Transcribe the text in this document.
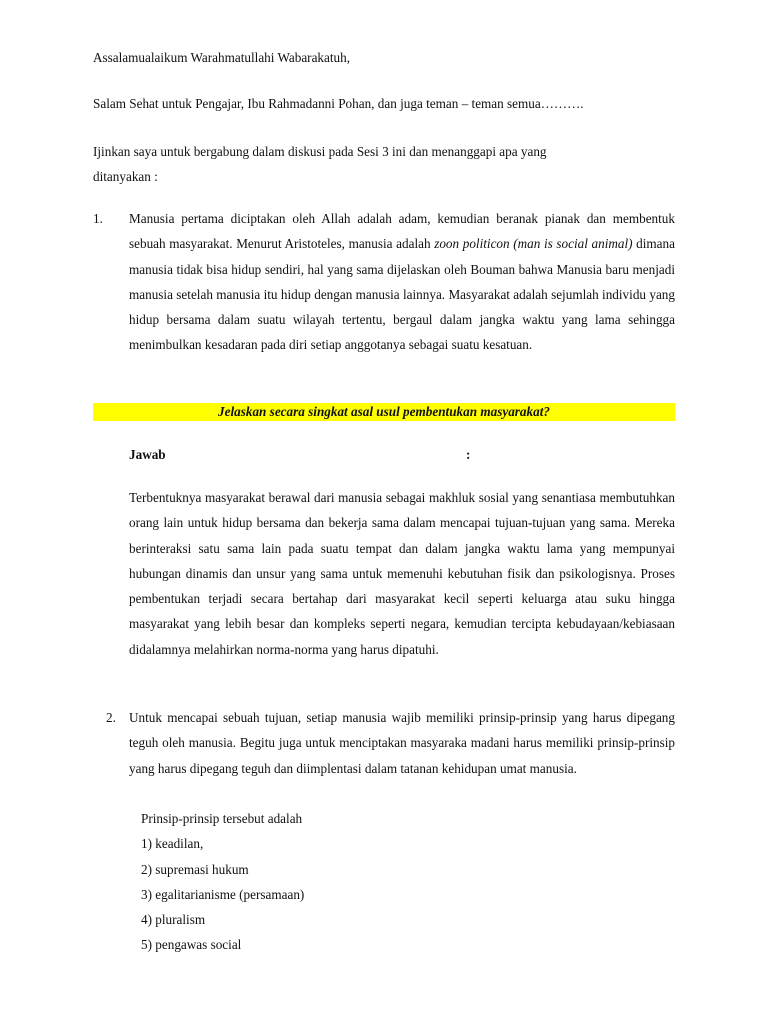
Assalamualaikum Warahmatullahi Wabarakatuh,
Salam Sehat untuk Pengajar, Ibu Rahmadanni Pohan, dan juga teman – teman semua……….
Ijinkan saya untuk bergabung dalam diskusi pada Sesi 3 ini dan menanggapi apa yang
ditanyakan :
1. Manusia pertama diciptakan oleh Allah adalah adam, kemudian beranak pianak dan membentuk sebuah masyarakat. Menurut Aristoteles, manusia adalah zoon politicon (man is social animal) dimana manusia tidak bisa hidup sendiri, hal yang sama dijelaskan oleh Bouman bahwa Manusia baru menjadi manusia setelah manusia itu hidup dengan manusia lainnya. Masyarakat adalah sejumlah individu yang hidup bersama dalam suatu wilayah tertentu, bergaul dalam jangka waktu yang lama sehingga menimbulkan kesadaran pada diri setiap anggotanya sebagai suatu kesatuan.
Jelaskan secara singkat asal usul pembentukan masyarakat?
Jawab	:
Terbentuknya masyarakat berawal dari manusia sebagai makhluk sosial yang senantiasa membutuhkan orang lain untuk hidup bersama dan bekerja sama dalam mencapai tujuan-tujuan yang sama. Mereka berinteraksi satu sama lain pada suatu tempat dan dalam jangka waktu lama yang mempunyai hubungan dinamis dan unsur yang sama untuk memenuhi kebutuhan fisik dan psikologisnya. Proses pembentukan terjadi secara bertahap dari masyarakat kecil seperti keluarga atau suku hingga masyarakat yang lebih besar dan kompleks seperti negara, kemudian tercipta kebudayaan/kebiasaan didalamnya melahirkan norma-norma yang harus dipatuhi.
2. Untuk mencapai sebuah tujuan, setiap manusia wajib memiliki prinsip-prinsip yang harus dipegang teguh oleh manusia. Begitu juga untuk menciptakan masyaraka madani harus memiliki prinsip-prinsip yang harus dipegang teguh dan diimplentasi dalam tatanan kehidupan umat manusia.
Prinsip-prinsip tersebut adalah
1) keadilan,
2) supremasi hukum
3) egalitarianisme (persamaan)
4) pluralism
5) pengawas social
